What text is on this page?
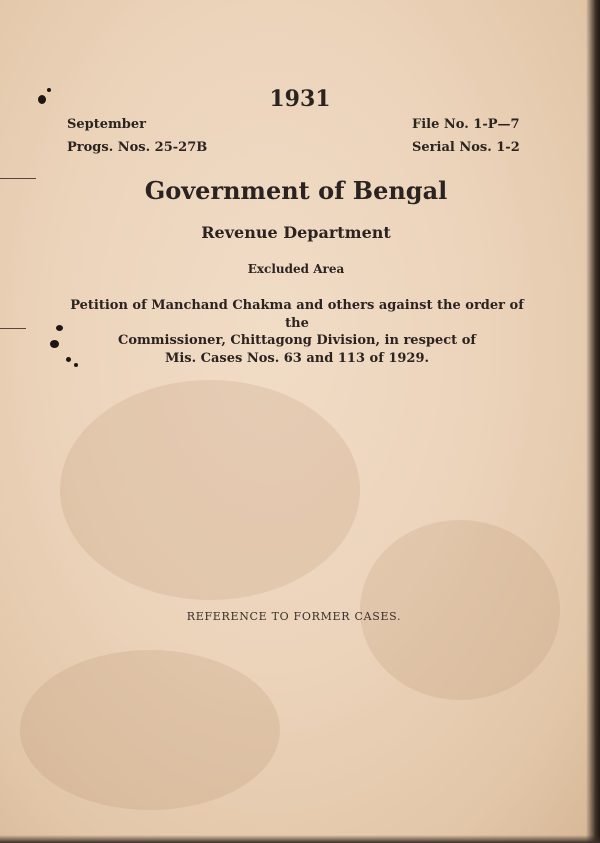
1931
September
Progs. Nos. 25-27B
File No. 1-P—7
Serial Nos. 1-2
Government of Bengal
Revenue Department
Excluded Area
Petition of Manchand Chakma and others against the order of the
Commissioner, Chittagong Division, in respect of
Mis. Cases Nos. 63 and 113 of 1929.
REFERENCE TO FORMER CASES.
